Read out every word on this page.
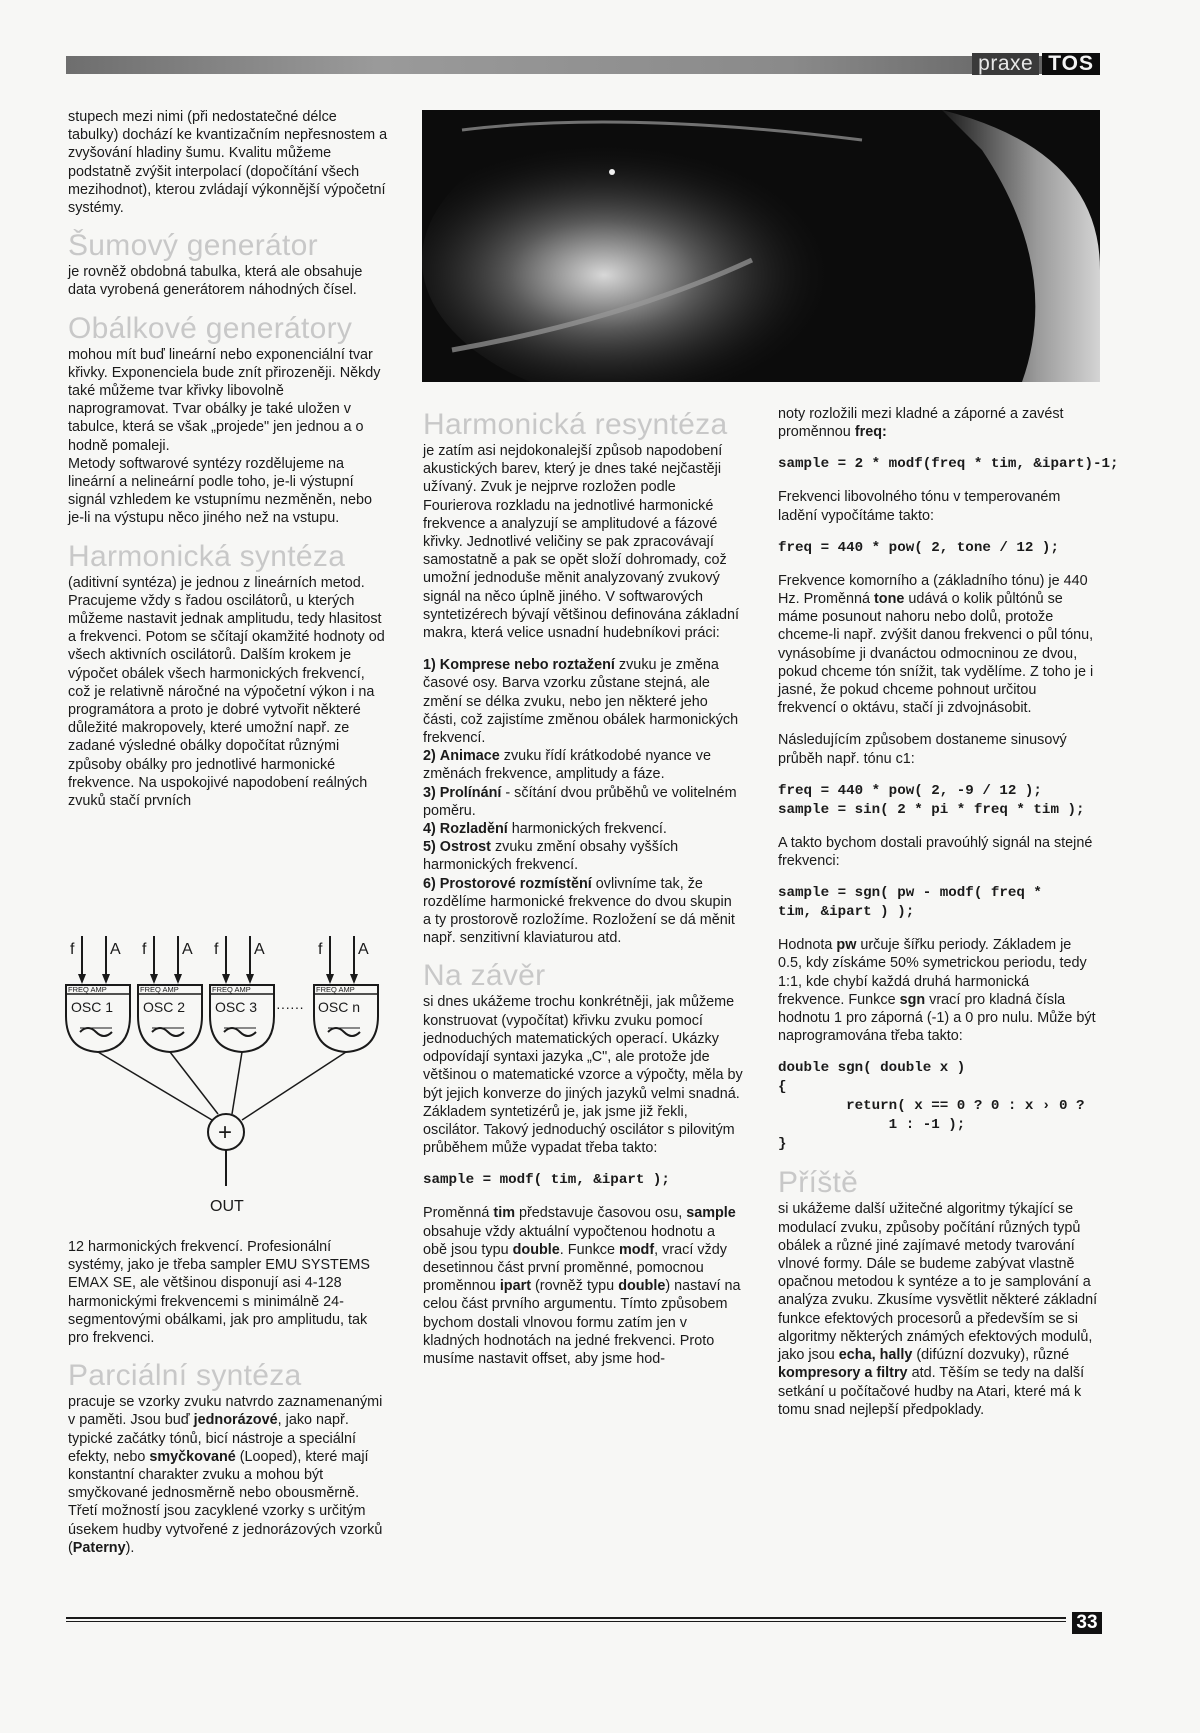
praxe TOS

stupech mezi nimi (při nedostatečné délce tabulky) dochází ke kvantizačním nepřesnostem a zvyšování hladiny šumu. Kvalitu můžeme podstatně zvýšit interpolací (dopočítání všech mezihodnot), kterou zvládají výkonnější výpočetní systémy.

Šumový generátor

je rovněž obdobná tabulka, která ale obsahuje data vyrobená generátorem náhodných čísel.

Obálkové generátory

mohou mít buď lineární nebo exponenciální tvar křivky. Exponenciela bude znít přirozeněji. Někdy také můžeme tvar křivky libovolně naprogramovat. Tvar obálky je také uložen v tabulce, která se však „projede" jen jednou a o hodně pomaleji.

Metody softwarové syntézy rozdělujeme na lineární a nelineární podle toho, je-li výstupní signál vzhledem ke vstupnímu nezměněn, nebo je-li na výstupu něco jiného než na vstupu.

Harmonická syntéza

(aditivní syntéza) je jednou z lineárních metod. Pracujeme vždy s řadou oscilátorů, u kterých můžeme nastavit jednak amplitudu, tedy hlasitost a frekvenci. Potom se sčítají okamžité hodnoty od všech aktivních oscilátorů. Dalším krokem je výpočet obálek všech harmonických frekvencí, což je relativně náročné na výpočetní výkon i na programátora a proto je dobré vytvořit některé důležité makropovely, které umožní např. ze zadané výsledné obálky dopočítat různými způsoby obálky pro jednotlivé harmonické frekvence. Na uspokojivé napodobení reálných zvuků stačí prvních

f A
FREQ AMP
OSC 1
f A
FREQ AMP
OSC 2
f A
FREQ AMP
OSC 3 ······
f A
FREQ AMP
OSC n
+
OUT

12 harmonických frekvencí. Profesionální systémy, jako je třeba sampler EMU SYSTEMS EMAX SE, ale většinou disponují asi 4-128 harmonickými frekvencemi s minimálně 24-segmentovými obálkami, jak pro amplitudu, tak pro frekvenci.

Parciální syntéza

pracuje se vzorky zvuku natvrdo zaznamenanými v paměti. Jsou buď jednorázové, jako např. typické začátky tónů, bicí nástroje a speciální efekty, nebo smyčkované (Looped), které mají konstantní charakter zvuku a mohou být smyčkované jednosměrně nebo obousměrně. Třetí možností jsou zacyklené vzorky s určitým úsekem hudby vytvořené z jednorázových vzorků (Paterny).

Harmonická resyntéza

je zatím asi nejdokonalejší způsob napodobení akustických barev, který je dnes také nejčastěji užívaný. Zvuk je nejprve rozložen podle Fourierova rozkladu na jednotlivé harmonické frekvence a analyzují se amplitudové a fázové křivky. Jednotlivé veličiny se pak zpracovávají samostatně a pak se opět složí dohromady, což umožní jednoduše měnit analyzovaný zvukový signál na něco úplně jiného. V softwarových syntetizérech bývají většinou definována základní makra, která velice usnadní hudebníkovi práci:

1) Komprese nebo roztažení zvuku je změna časové osy. Barva vzorku zůstane stejná, ale změní se délka zvuku, nebo jen některé jeho části, což zajistíme změnou obálek harmonických frekvencí.

2) Animace zvuku řídí krátkodobé nyance ve změnách frekvence, amplitudy a fáze.

3) Prolínání - sčítání dvou průběhů ve volitelném poměru.

4) Rozladění harmonických frekvencí.

5) Ostrost zvuku změní obsahy vyšších harmonických frekvencí.

6) Prostorové rozmístění ovlivníme tak, že rozdělíme harmonické frekvence do dvou skupin a ty prostorově rozložíme. Rozložení se dá měnit např. senzitivní klaviaturou atd.

Na závěr

si dnes ukážeme trochu konkrétněji, jak můžeme konstruovat (vypočítat) křivku zvuku pomocí jednoduchých matematických operací. Ukázky odpovídají syntaxi jazyka „C", ale protože jde většinou o matematické vzorce a výpočty, měla by být jejich konverze do jiných jazyků velmi snadná. Základem syntetizérů je, jak jsme již řekli, oscilátor. Takový jednoduchý oscilátor s pilovitým průběhem může vypadat třeba takto:

sample = modf( tim, &ipart );

Proměnná tim představuje časovou osu, sample obsahuje vždy aktuální vypočtenou hodnotu a obě jsou typu double. Funkce modf, vrací vždy desetinnou část první proměnné, pomocnou proměnnou ipart (rovněž typu double) nastaví na celou část prvního argumentu. Tímto způsobem bychom dostali vlnovou formu zatím jen v kladných hodnotách na jedné frekvenci. Proto musíme nastavit offset, aby jsme hod-

noty rozložili mezi kladné a záporné a zavést proměnnou freq:

sample = 2 * modf(freq * tim, &ipart)-1;

Frekvenci libovolného tónu v temperovaném ladění vypočítáme takto:

freq = 440 * pow( 2, tone / 12 );

Frekvence komorního a (základního tónu) je 440 Hz. Proměnná tone udává o kolik půltónů se máme posunout nahoru nebo dolů, protože chceme-li např. zvýšit danou frekvenci o půl tónu, vynásobíme ji dvanáctou odmocninou ze dvou, pokud chceme tón snížit, tak vydělíme. Z toho je i jasné, že pokud chceme pohnout určitou frekvencí o oktávu, stačí ji zdvojnásobit.

Následujícím způsobem dostaneme sinusový průběh např. tónu c1:

freq = 440 * pow( 2, -9 / 12 );
sample = sin( 2 * pi * freq * tim );

A takto bychom dostali pravoúhlý signál na stejné frekvenci:

sample = sgn( pw - modf( freq *
tim, &ipart ) );

Hodnota pw určuje šířku periody. Základem je 0.5, kdy získáme 50% symetrickou periodu, tedy 1:1, kde chybí každá druhá harmonická frekvence. Funkce sgn vrací pro kladná čísla hodnotu 1 pro záporná (-1) a 0 pro nulu. Může být naprogramována třeba takto:

double sgn( double x )
{
return( x == 0 ? 0 : x › 0 ?
1 : -1 );
}
Příště

si ukážeme další užitečné algoritmy týkající se modulací zvuku, způsoby počítání různých typů obálek a různé jiné zajímavé metody tvarování vlnové formy. Dále se budeme zabývat vlastně opačnou metodou k syntéze a to je samplování a analýza zvuku. Zkusíme vysvětlit některé základní funkce efektových procesorů a především se si algoritmy některých známých efektových modulů, jako jsou echa, hally (difúzní dozvuky), různé kompresory a filtry atd. Těším se tedy na další setkání u počítačové hudby na Atari, které má k tomu snad nejlepší předpoklady.

33
